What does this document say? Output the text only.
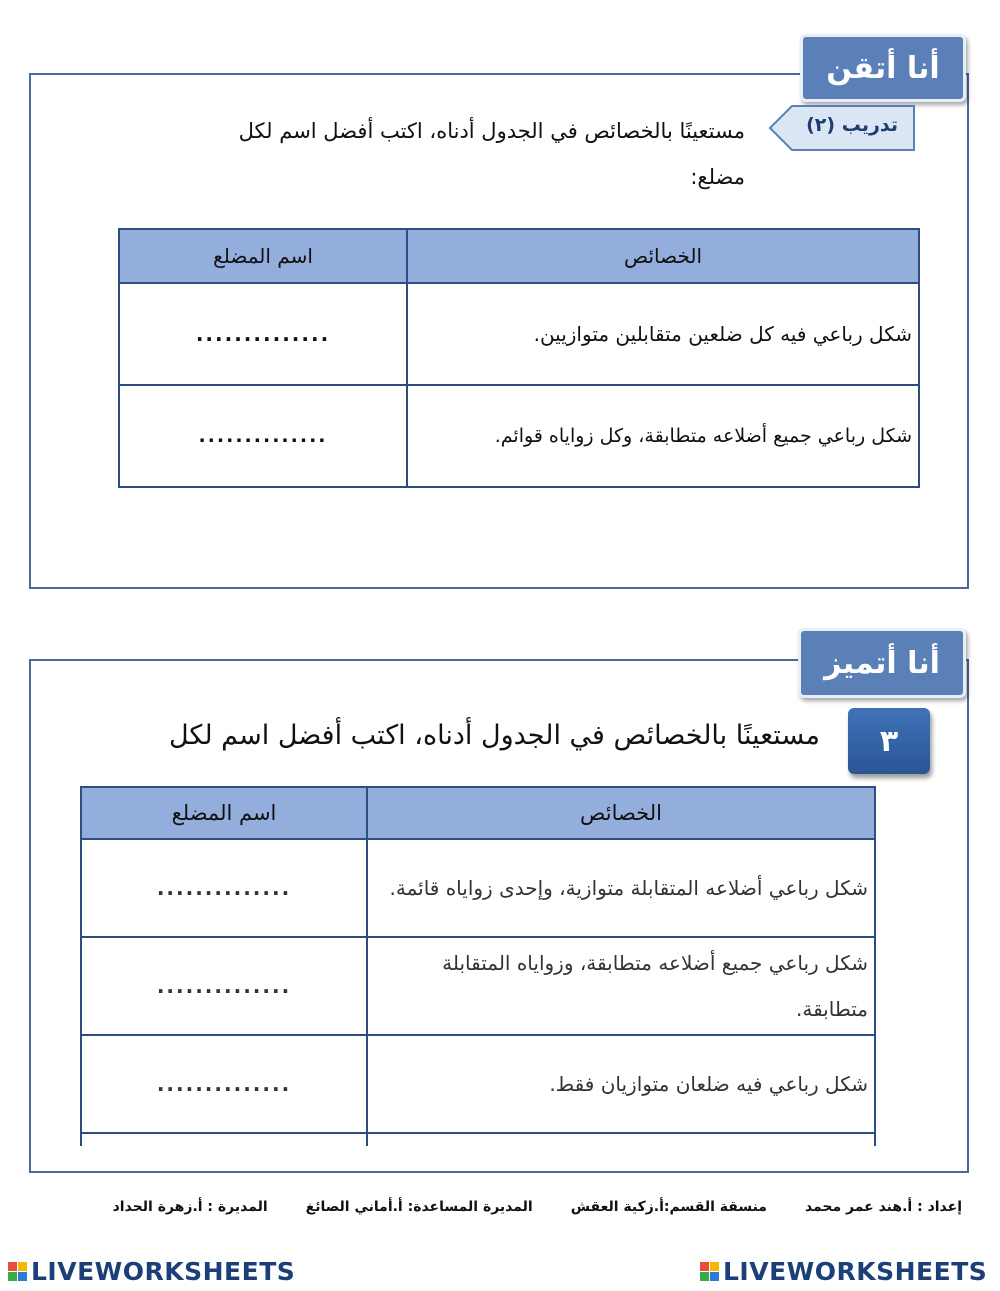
أنا أتقن
تدريب (٢)
مستعينًا بالخصائص في الجدول أدناه، اكتب أفضل اسم لكل مضلع:
الخصائص	اسم المضلع
شكل رباعي فيه كل ضلعين متقابلين متوازيين.	..............
شكل رباعي جميع أضلاعه متطابقة، وكل زواياه قوائم.	..............
أنا أتميز
٣
مستعينًا بالخصائص في الجدول أدناه، اكتب أفضل اسم لكل
الخصائص	اسم المضلع
شكل رباعي أضلاعه المتقابلة متوازية، وإحدى زواياه قائمة.	..............
شكل رباعي جميع أضلاعه متطابقة، وزواياه المتقابلة متطابقة.	..............
شكل رباعي فيه ضلعان متوازيان فقط.	..............

إعداد : أ.هند عمر محمد
منسقة القسم:أ.زكية العقش
المديرة المساعدة: أ.أماني الصائغ
المديرة : أ.زهرة الحداد
LIVEWORKSHEETS	LIVEWORKSHEETS
